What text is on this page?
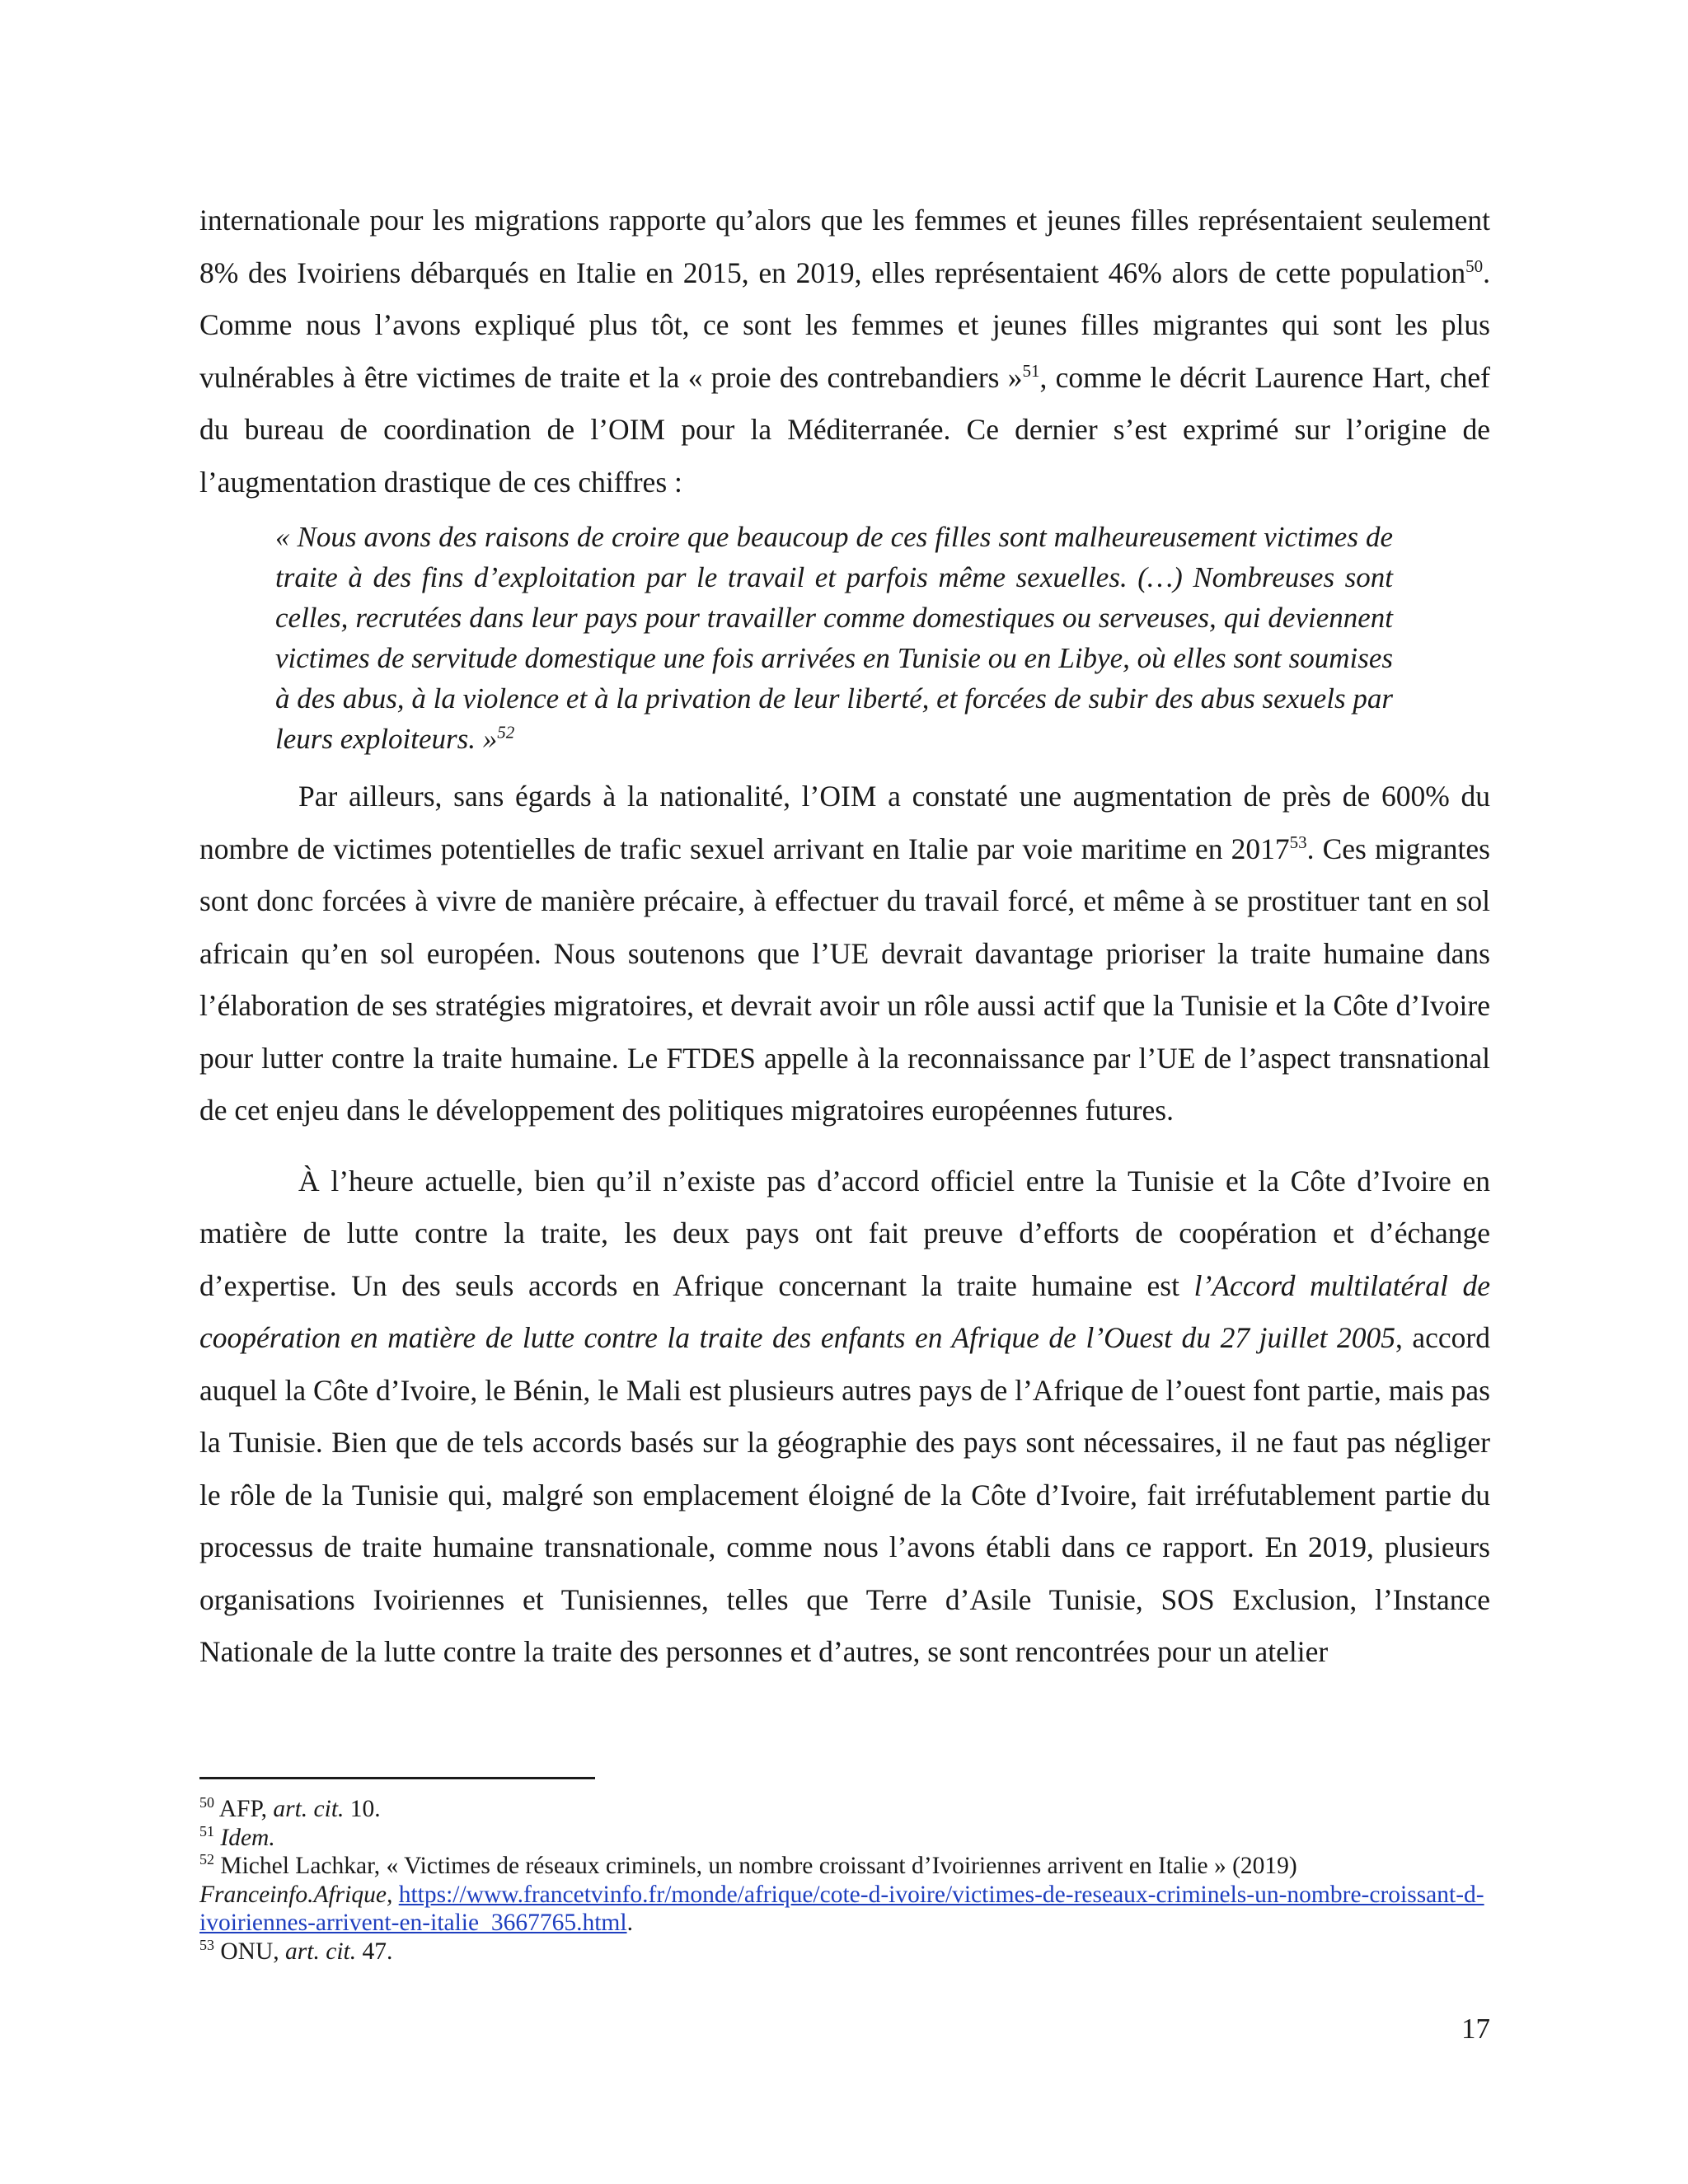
internationale pour les migrations rapporte qu’alors que les femmes et jeunes filles représentaient seulement 8% des Ivoiriens débarqués en Italie en 2015, en 2019, elles représentaient 46% alors de cette population$^{50}$. Comme nous l’avons expliqué plus tôt, ce sont les femmes et jeunes filles migrantes qui sont les plus vulnérables à être victimes de traite et la « proie des contrebandiers »$^{51}$, comme le décrit Laurence Hart, chef du bureau de coordination de l’OIM pour la Méditerranée. Ce dernier s’est exprimé sur l’origine de l’augmentation drastique de ces chiffres :

« Nous avons des raisons de croire que beaucoup de ces filles sont malheureusement victimes de traite à des fins d’exploitation par le travail et parfois même sexuelles. (…) Nombreuses sont celles, recrutées dans leur pays pour travailler comme domestiques ou serveuses, qui deviennent victimes de servitude domestique une fois arrivées en Tunisie ou en Libye, où elles sont soumises à des abus, à la violence et à la privation de leur liberté, et forcées de subir des abus sexuels par leurs exploiteurs. »$^{52}$

Par ailleurs, sans égards à la nationalité, l’OIM a constaté une augmentation de près de 600% du nombre de victimes potentielles de trafic sexuel arrivant en Italie par voie maritime en 2017$^{53}$. Ces migrantes sont donc forcées à vivre de manière précaire, à effectuer du travail forcé, et même à se prostituer tant en sol africain qu’en sol européen. Nous soutenons que l’UE devrait davantage prioriser la traite humaine dans l’élaboration de ses stratégies migratoires, et devrait avoir un rôle aussi actif que la Tunisie et la Côte d’Ivoire pour lutter contre la traite humaine. Le FTDES appelle à la reconnaissance par l’UE de l’aspect transnational de cet enjeu dans le développement des politiques migratoires européennes futures.

À l’heure actuelle, bien qu’il n’existe pas d’accord officiel entre la Tunisie et la Côte d’Ivoire en matière de lutte contre la traite, les deux pays ont fait preuve d’efforts de coopération et d’échange d’expertise. Un des seuls accords en Afrique concernant la traite humaine est l’Accord multilatéral de coopération en matière de lutte contre la traite des enfants en Afrique de l’Ouest du 27 juillet 2005, accord auquel la Côte d’Ivoire, le Bénin, le Mali est plusieurs autres pays de l’Afrique de l’ouest font partie, mais pas la Tunisie. Bien que de tels accords basés sur la géographie des pays sont nécessaires, il ne faut pas négliger le rôle de la Tunisie qui, malgré son emplacement éloigné de la Côte d’Ivoire, fait irréfutablement partie du processus de traite humaine transnationale, comme nous l’avons établi dans ce rapport. En 2019, plusieurs organisations Ivoiriennes et Tunisiennes, telles que Terre d’Asile Tunisie, SOS Exclusion, l’Instance Nationale de la lutte contre la traite des personnes et d’autres, se sont rencontrées pour un atelier

$^{50}$ AFP, art. cit. 10.

$^{51}$ Idem.

$^{52}$ Michel Lachkar, « Victimes de réseaux criminels, un nombre croissant d’Ivoiriennes arrivent en Italie » (2019) Franceinfo.Afrique, https://www.francetvinfo.fr/monde/afrique/cote-d-ivoire/victimes-de-reseaux-criminels-un-nombre-croissant-d-ivoiriennes-arrivent-en-italie_3667765.html.

$^{53}$ ONU, art. cit. 47.

17
